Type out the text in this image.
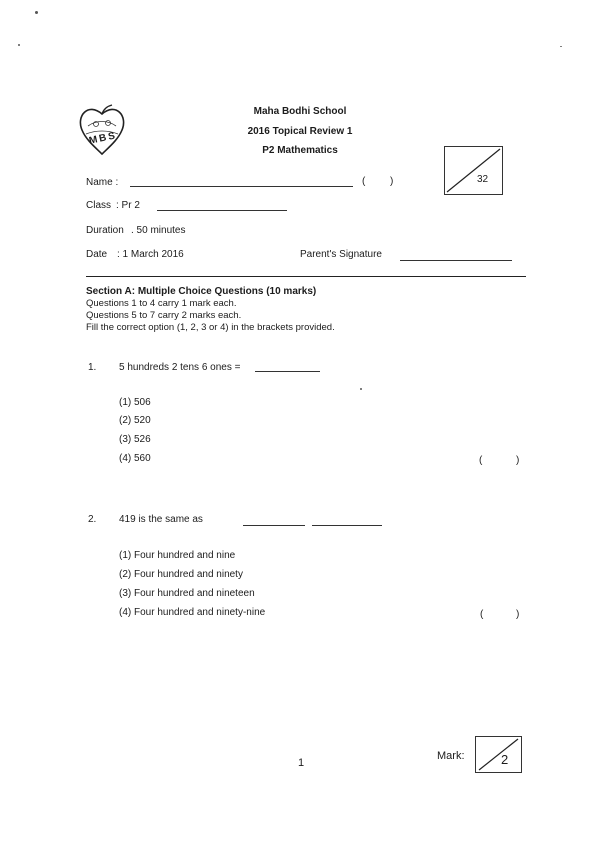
MBS
Maha Bodhi School
2016 Topical Review 1
P2 Mathematics
32
Name :	( )
Class : Pr 2
Duration . 50 minutes
Date : 1 March 2016	Parent's Signature
Section A: Multiple Choice Questions (10 marks)
Questions 1 to 4 carry 1 mark each.
Questions 5 to 7 carry 2 marks each.
Fill the correct option (1, 2, 3 or 4) in the brackets provided.
1. 5 hundreds 2 tens 6 ones =
(1) 506
(2) 520
(3) 526
(4) 560	(	)
2. 419 is the same as
(1) Four hundred and nine
(2) Four hundred and ninety
(3) Four hundred and nineteen
(4) Four hundred and ninety-nine	(	)
1
Mark:	2
